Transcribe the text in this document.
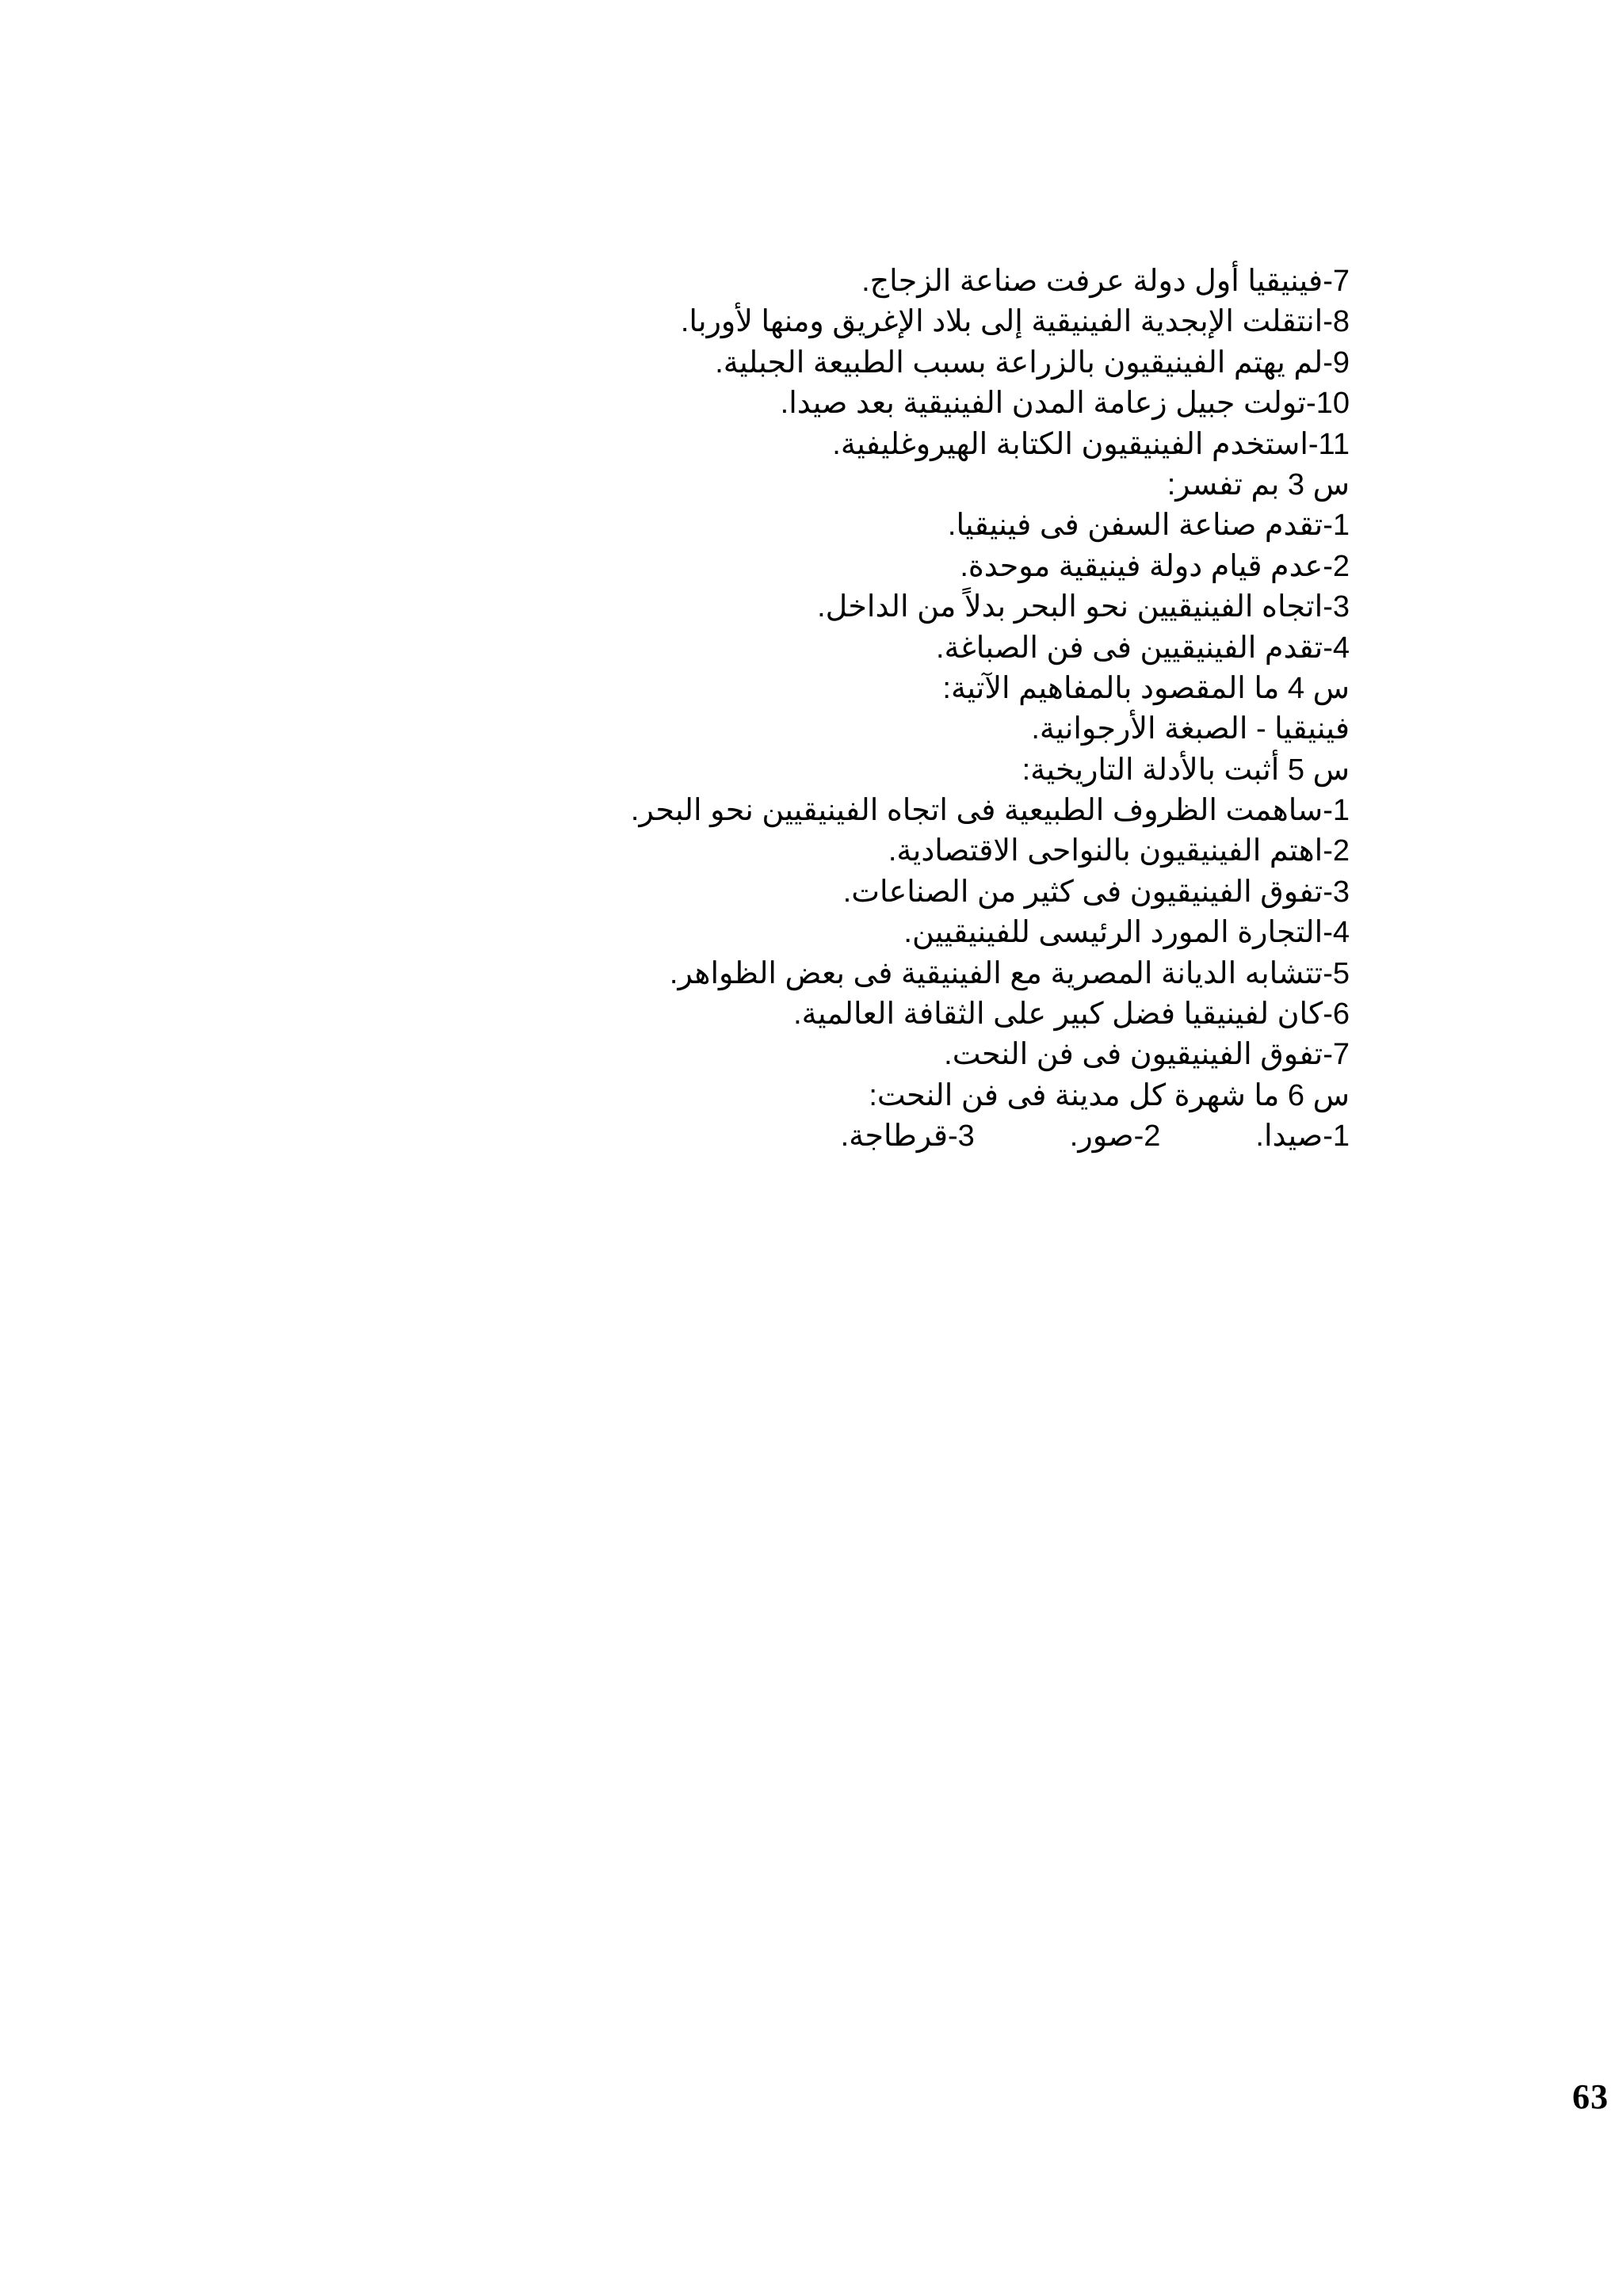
7-فينيقيا أول دولة عرفت صناعة الزجاج.
8-انتقلت الإبجدية الفينيقية إلى بلاد الإغريق ومنها لأوربا.
9-لم يهتم الفينيقيون بالزراعة بسبب الطبيعة الجبلية.
10-تولت جبيل زعامة المدن الفينيقية بعد صيدا.
11-استخدم الفينيقيون الكتابة الهيروغليفية.
س 3 بم تفسر:
1-تقدم صناعة السفن فى فينيقيا.
2-عدم قيام دولة فينيقية موحدة.
3-اتجاه الفينيقيين نحو البحر بدلاً من الداخل.
4-تقدم الفينيقيين فى فن الصباغة.
س 4 ما المقصود بالمفاهيم الآتية:
فينيقيا - الصبغة الأرجوانية.
س 5 أثبت بالأدلة التاريخية:
1-ساهمت الظروف الطبيعية فى اتجاه الفينيقيين نحو البحر.
2-اهتم الفينيقيون بالنواحى الاقتصادية.
3-تفوق الفينيقيون فى كثير من الصناعات.
4-التجارة المورد الرئيسى للفينيقيين.
5-تتشابه الديانة المصرية مع الفينيقية فى بعض الظواهر.
6-كان لفينيقيا فضل كبير على الثقافة العالمية.
7-تفوق الفينيقيون فى فن النحت.
س 6 ما شهرة كل مدينة فى فن النحت:
1-صيدا.
2-صور.
3-قرطاجة.
63
